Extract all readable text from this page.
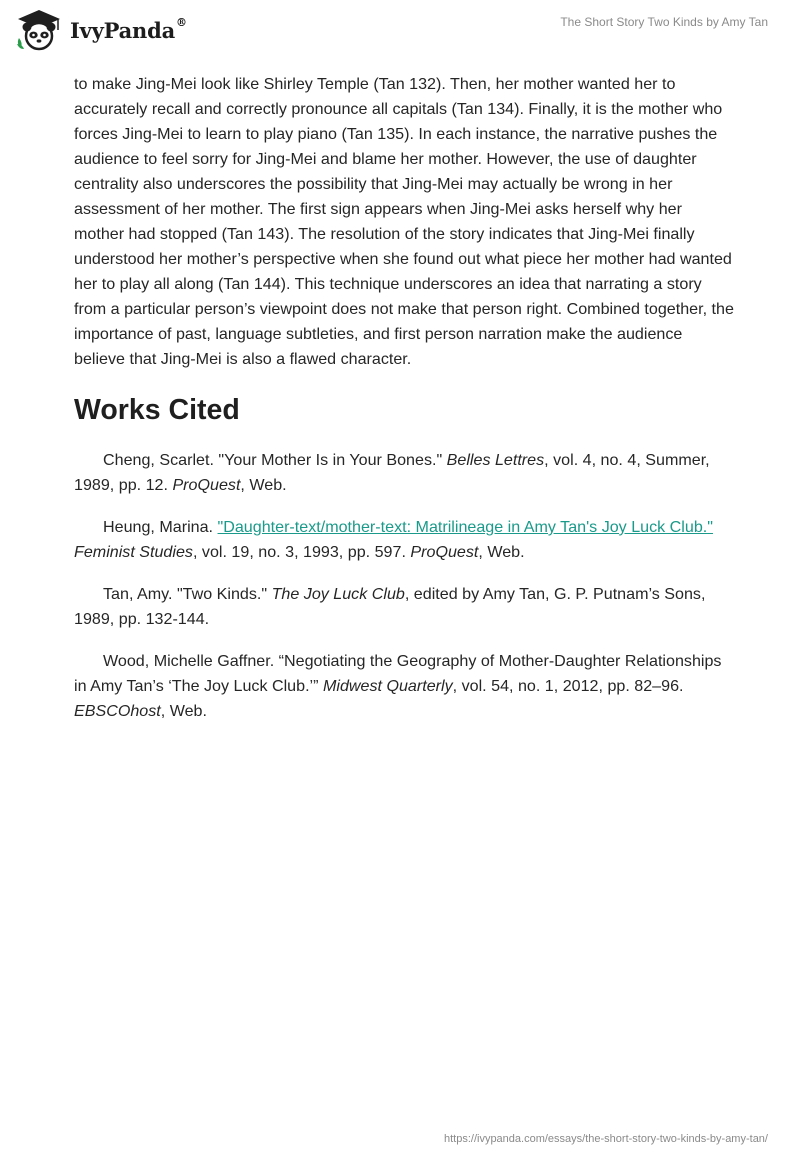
IvyPanda®	The Short Story Two Kinds by Amy Tan

to make Jing-Mei look like Shirley Temple (Tan 132). Then, her mother wanted her to accurately recall and correctly pronounce all capitals (Tan 134). Finally, it is the mother who forces Jing-Mei to learn to play piano (Tan 135). In each instance, the narrative pushes the audience to feel sorry for Jing-Mei and blame her mother. However, the use of daughter centrality also underscores the possibility that Jing-Mei may actually be wrong in her assessment of her mother. The first sign appears when Jing-Mei asks herself why her mother had stopped (Tan 143). The resolution of the story indicates that Jing-Mei finally understood her mother’s perspective when she found out what piece her mother had wanted her to play all along (Tan 144). This technique underscores an idea that narrating a story from a particular person’s viewpoint does not make that person right. Combined together, the importance of past, language subtleties, and first person narration make the audience believe that Jing-Mei is also a flawed character.

Works Cited

Cheng, Scarlet. "Your Mother Is in Your Bones." Belles Lettres, vol. 4, no. 4, Summer, 1989, pp. 12. ProQuest, Web.

Heung, Marina. "Daughter-text/mother-text: Matrilineage in Amy Tan's Joy Luck Club." Feminist Studies, vol. 19, no. 3, 1993, pp. 597. ProQuest, Web.

Tan, Amy. "Two Kinds." The Joy Luck Club, edited by Amy Tan, G. P. Putnam’s Sons, 1989, pp. 132-144.

Wood, Michelle Gaffner. “Negotiating the Geography of Mother-Daughter Relationships in Amy Tan’s ‘The Joy Luck Club.’” Midwest Quarterly, vol. 54, no. 1, 2012, pp. 82–96. EBSCOhost, Web.

https://ivypanda.com/essays/the-short-story-two-kinds-by-amy-tan/
